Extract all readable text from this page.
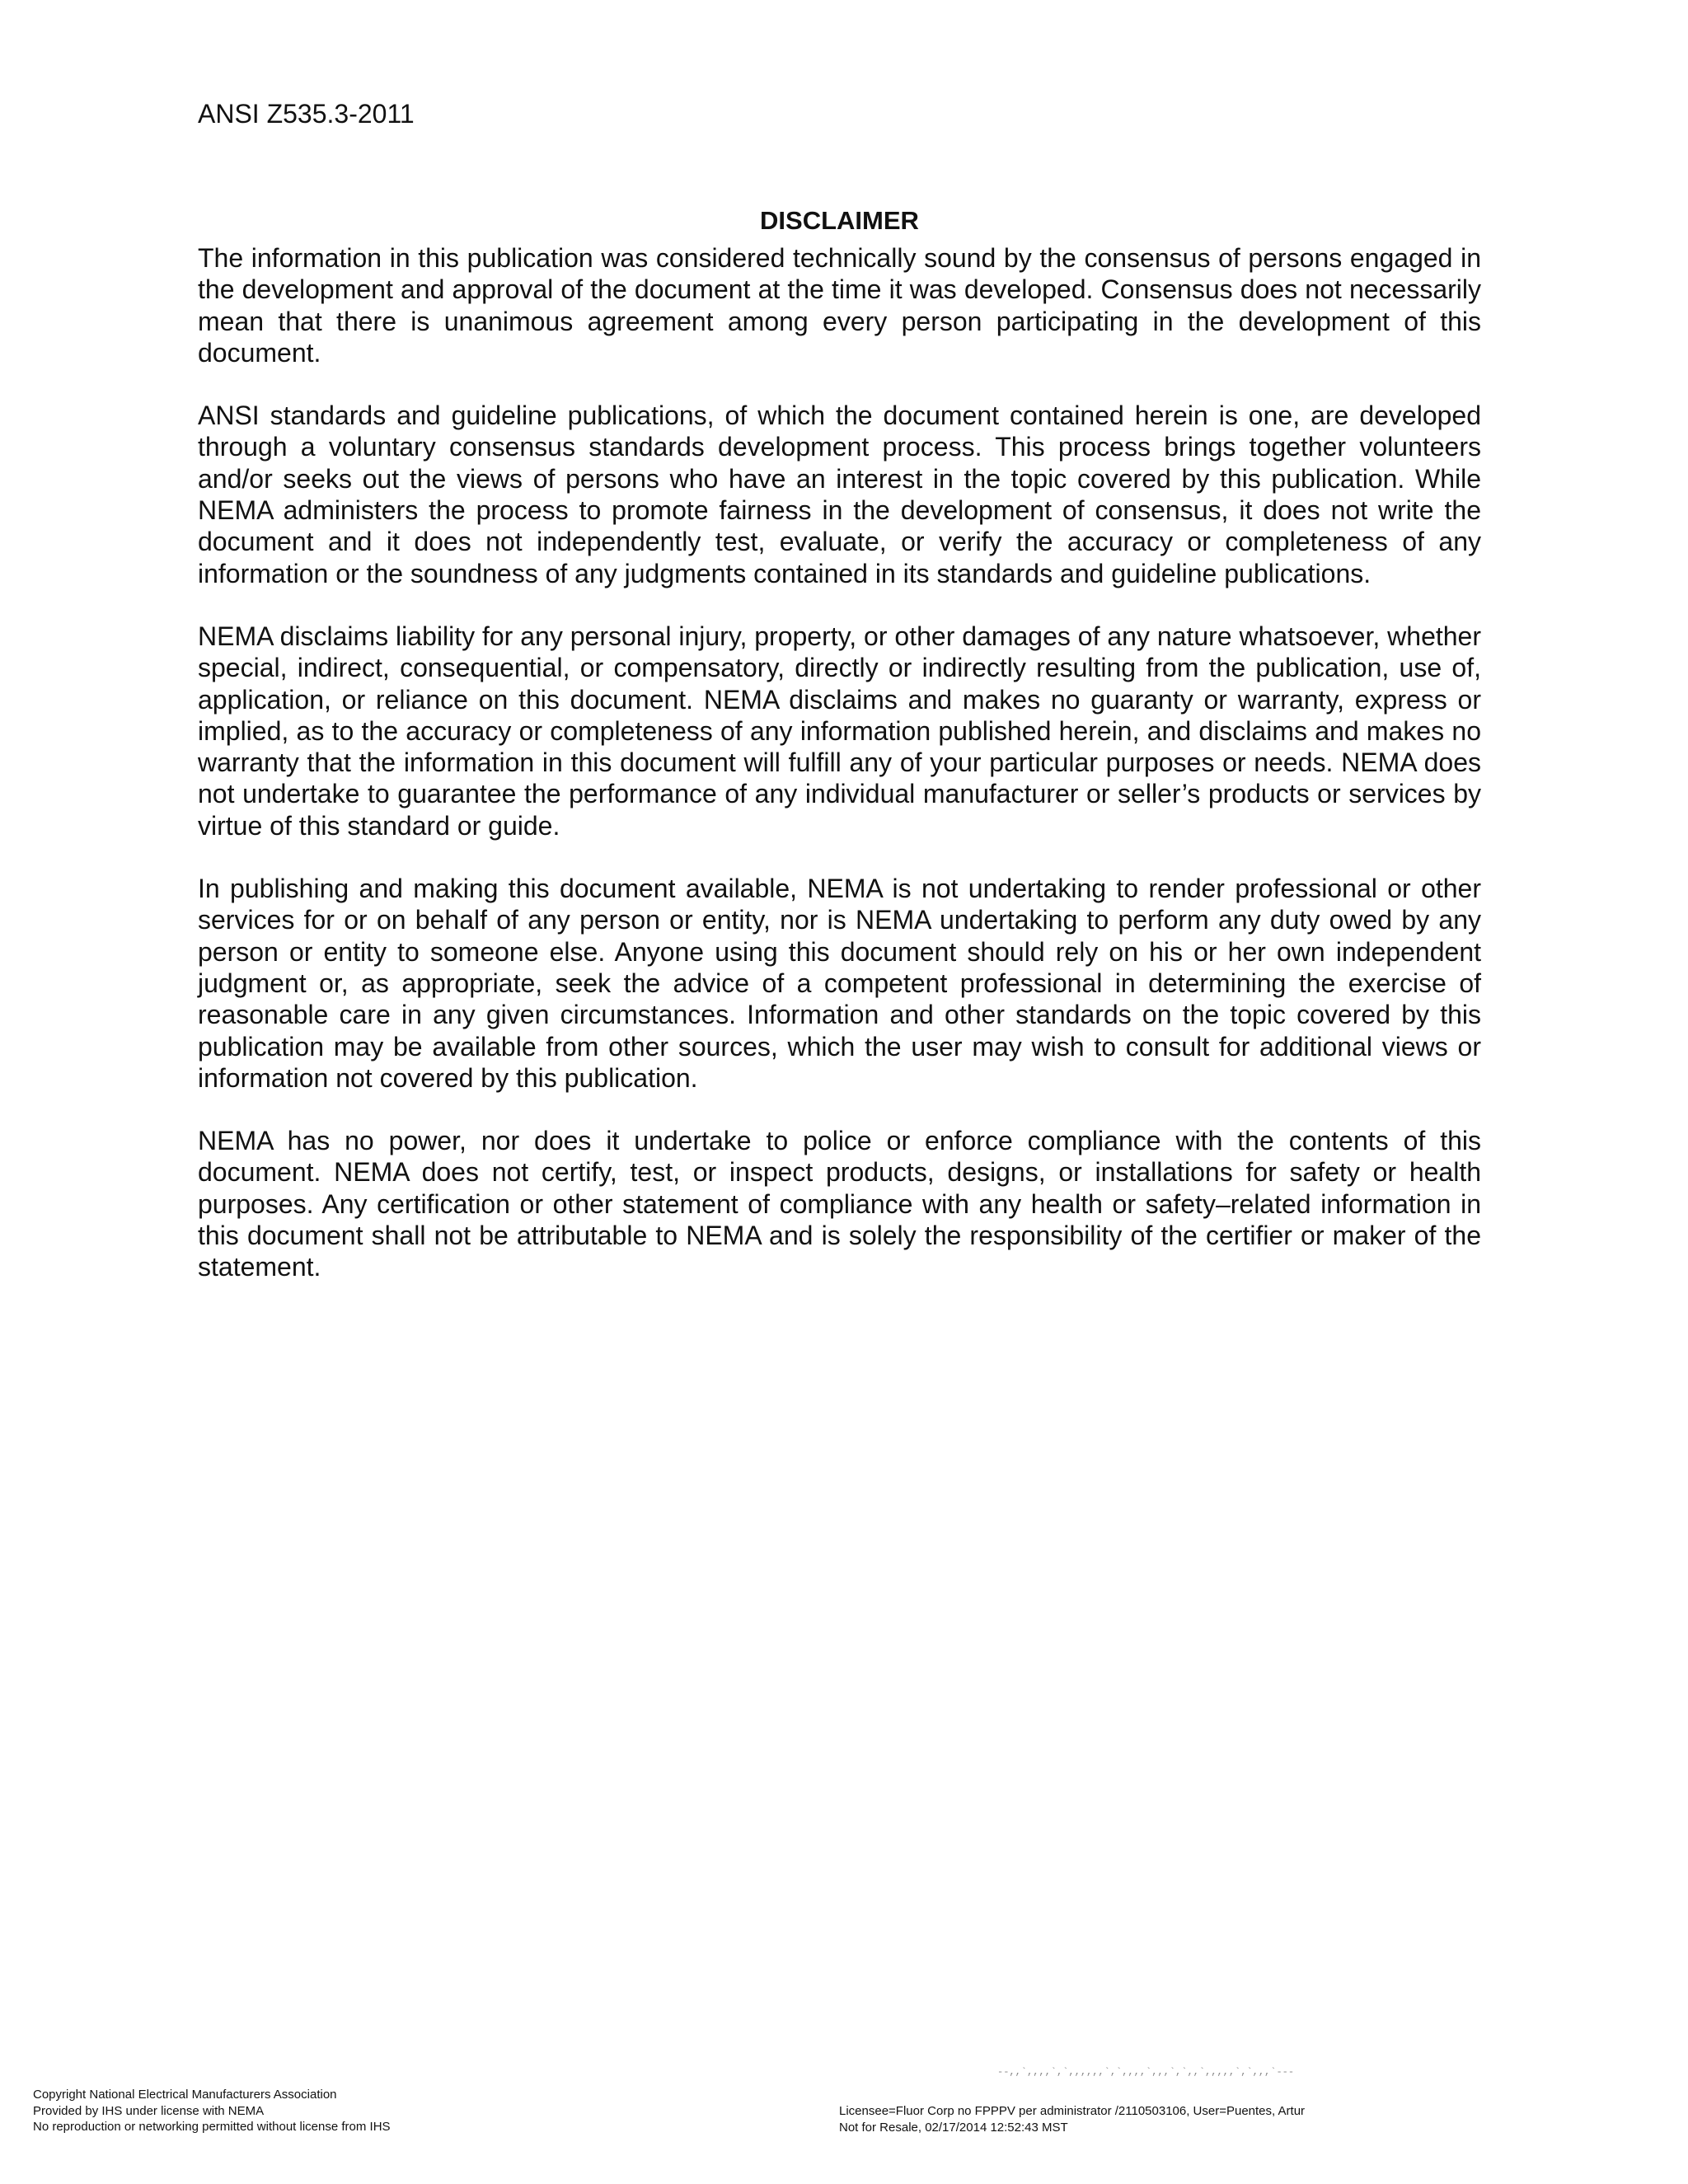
ANSI Z535.3-2011
DISCLAIMER

The information in this publication was considered technically sound by the consensus of persons engaged in the development and approval of the document at the time it was developed. Consensus does not necessarily mean that there is unanimous agreement among every person participating in the development of this document.

ANSI standards and guideline publications, of which the document contained herein is one, are developed through a voluntary consensus standards development process. This process brings together volunteers and/or seeks out the views of persons who have an interest in the topic covered by this publication. While NEMA administers the process to promote fairness in the development of consensus, it does not write the document and it does not independently test, evaluate, or verify the accuracy or completeness of any information or the soundness of any judgments contained in its standards and guideline publications.

NEMA disclaims liability for any personal injury, property, or other damages of any nature whatsoever, whether special, indirect, consequential, or compensatory, directly or indirectly resulting from the publication, use of, application, or reliance on this document. NEMA disclaims and makes no guaranty or warranty, express or implied, as to the accuracy or completeness of any information published herein, and disclaims and makes no warranty that the information in this document will fulfill any of your particular purposes or needs. NEMA does not undertake to guarantee the performance of any individual manufacturer or seller’s products or services by virtue of this standard or guide.

In publishing and making this document available, NEMA is not undertaking to render professional or other services for or on behalf of any person or entity, nor is NEMA undertaking to perform any duty owed by any person or entity to someone else. Anyone using this document should rely on his or her own independent judgment or, as appropriate, seek the advice of a competent professional in determining the exercise of reasonable care in any given circumstances. Information and other standards on the topic covered by this publication may be available from other sources, which the user may wish to consult for additional views or information not covered by this publication.

NEMA has no power, nor does it undertake to police or enforce compliance with the contents of this document. NEMA does not certify, test, or inspect products, designs, or installations for safety or health purposes. Any certification or other statement of compliance with any health or safety–related information in this document shall not be attributable to NEMA and is solely the responsibility of the certifier or maker of the statement.

--,,`,,,,`,`,,,,,,`,`,,,,`,,,`,`,,`,,,,,`,`,,,`---
Copyright National Electrical Manufacturers Association
Provided by IHS under license with NEMA
No reproduction or networking permitted without license from IHS
Licensee=Fluor Corp no FPPPV per administrator /2110503106, User=Puentes, Artur
Not for Resale, 02/17/2014 12:52:43 MST
